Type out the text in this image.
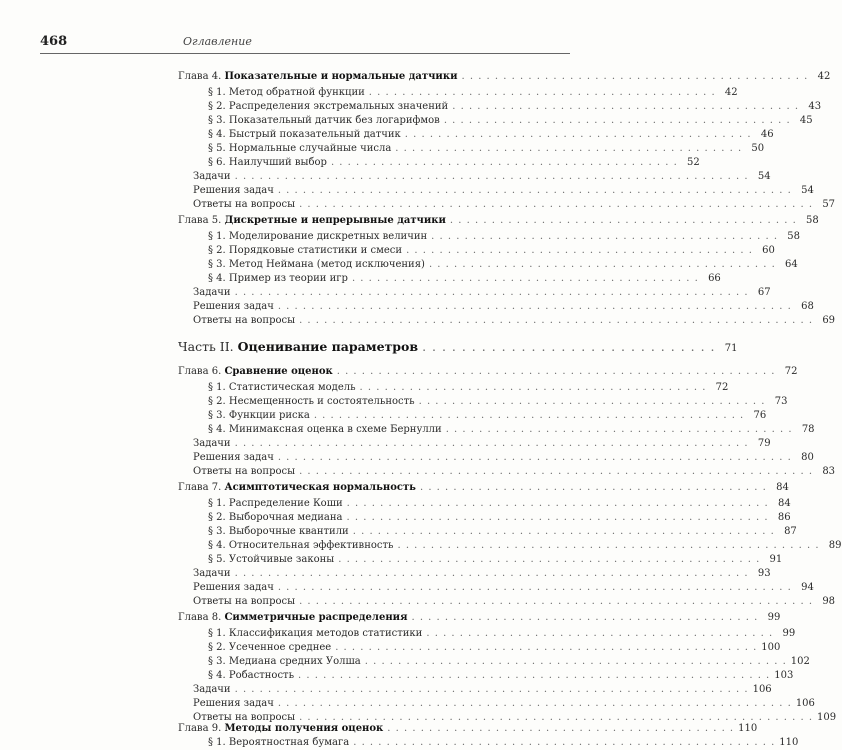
468	Оглавление
Глава 4. Показательные и нормальные датчики . . . . . . . . . . . . . . . . . . . . . . . . . . . . . . . . . . . . . . . . . . 42
§ 1. Метод обратной функции . . . . . . . . . . . . . . . . . . . . . . . . . . . . . . . . . . . . . . . . . . 42
§ 2. Распределения экстремальных значений . . . . . . . . . . . . . . . . . . . . . . . . . . . . . . . . . . . . . . . . . . 43
§ 3. Показательный датчик без логарифмов . . . . . . . . . . . . . . . . . . . . . . . . . . . . . . . . . . . . . . . . . . 45
§ 4. Быстрый показательный датчик . . . . . . . . . . . . . . . . . . . . . . . . . . . . . . . . . . . . . . . . . . 46
§ 5. Нормальные случайные числа . . . . . . . . . . . . . . . . . . . . . . . . . . . . . . . . . . . . . . . . . . 50
§ 6. Наилучший выбор . . . . . . . . . . . . . . . . . . . . . . . . . . . . . . . . . . . . . . . . . . 52
Задачи . . . . . . . . . . . . . . . . . . . . . . . . . . . . . . . . . . . . . . . . . . . . . . . . . . . . . . . . . . . . . . 54
Решения задач . . . . . . . . . . . . . . . . . . . . . . . . . . . . . . . . . . . . . . . . . . . . . . . . . . . . . . . . . . . . . . 54
Ответы на вопросы . . . . . . . . . . . . . . . . . . . . . . . . . . . . . . . . . . . . . . . . . . . . . . . . . . . . . . . . . . . . . . 57
Глава 5. Дискретные и непрерывные датчики . . . . . . . . . . . . . . . . . . . . . . . . . . . . . . . . . . . . . . . . . . 58
§ 1. Моделирование дискретных величин . . . . . . . . . . . . . . . . . . . . . . . . . . . . . . . . . . . . . . . . . . 58
§ 2. Порядковые статистики и смеси . . . . . . . . . . . . . . . . . . . . . . . . . . . . . . . . . . . . . . . . . . 60
§ 3. Метод Неймана (метод исключения) . . . . . . . . . . . . . . . . . . . . . . . . . . . . . . . . . . . . . . . . . . 64
§ 4. Пример из теории игр . . . . . . . . . . . . . . . . . . . . . . . . . . . . . . . . . . . . . . . . . . 66
Задачи . . . . . . . . . . . . . . . . . . . . . . . . . . . . . . . . . . . . . . . . . . . . . . . . . . . . . . . . . . . . . . 67
Решения задач . . . . . . . . . . . . . . . . . . . . . . . . . . . . . . . . . . . . . . . . . . . . . . . . . . . . . . . . . . . . . . 68
Ответы на вопросы . . . . . . . . . . . . . . . . . . . . . . . . . . . . . . . . . . . . . . . . . . . . . . . . . . . . . . . . . . . . . . 69
Часть II. Оценивание параметров . . . . . . . . . . . . . . . . . . . . . . . . . . . . . . 71
Глава 6. Сравнение оценок . . . . . . . . . . . . . . . . . . . . . . . . . . . . . . . . . . . . . . . . . . . . . . . . . . . . . 72
§ 1. Статистическая модель . . . . . . . . . . . . . . . . . . . . . . . . . . . . . . . . . . . . . . . . . . 72
§ 2. Несмещенность и состоятельность . . . . . . . . . . . . . . . . . . . . . . . . . . . . . . . . . . . . . . . . . . 73
§ 3. Функции риска . . . . . . . . . . . . . . . . . . . . . . . . . . . . . . . . . . . . . . . . . . . . . . . . . . . . 76
§ 4. Минимаксная оценка в схеме Бернулли . . . . . . . . . . . . . . . . . . . . . . . . . . . . . . . . . . . . . . . . . . 78
Задачи . . . . . . . . . . . . . . . . . . . . . . . . . . . . . . . . . . . . . . . . . . . . . . . . . . . . . . . . . . . . . . 79
Решения задач . . . . . . . . . . . . . . . . . . . . . . . . . . . . . . . . . . . . . . . . . . . . . . . . . . . . . . . . . . . . . . 80
Ответы на вопросы . . . . . . . . . . . . . . . . . . . . . . . . . . . . . . . . . . . . . . . . . . . . . . . . . . . . . . . . . . . . . . 83
Глава 7. Асимптотическая нормальность . . . . . . . . . . . . . . . . . . . . . . . . . . . . . . . . . . . . . . . . . . 84
§ 1. Распределение Коши . . . . . . . . . . . . . . . . . . . . . . . . . . . . . . . . . . . . . . . . . . . . . . . . . . . 84
§ 2. Выборочная медиана . . . . . . . . . . . . . . . . . . . . . . . . . . . . . . . . . . . . . . . . . . . . . . . . . . . 86
§ 3. Выборочные квантили . . . . . . . . . . . . . . . . . . . . . . . . . . . . . . . . . . . . . . . . . . . . . . . . . . . 87
§ 4. Относительная эффективность . . . . . . . . . . . . . . . . . . . . . . . . . . . . . . . . . . . . . . . . . . . . . . . . . . . 89
§ 5. Устойчивые законы . . . . . . . . . . . . . . . . . . . . . . . . . . . . . . . . . . . . . . . . . . . . . . . . . . . 91
Задачи . . . . . . . . . . . . . . . . . . . . . . . . . . . . . . . . . . . . . . . . . . . . . . . . . . . . . . . . . . . . . . 93
Решения задач . . . . . . . . . . . . . . . . . . . . . . . . . . . . . . . . . . . . . . . . . . . . . . . . . . . . . . . . . . . . . . 94
Ответы на вопросы . . . . . . . . . . . . . . . . . . . . . . . . . . . . . . . . . . . . . . . . . . . . . . . . . . . . . . . . . . . . . . 98
Глава 8. Симметричные распределения . . . . . . . . . . . . . . . . . . . . . . . . . . . . . . . . . . . . . . . . . . 99
§ 1. Классификация методов статистики . . . . . . . . . . . . . . . . . . . . . . . . . . . . . . . . . . . . . . . . . . 99
§ 2. Усеченное среднее . . . . . . . . . . . . . . . . . . . . . . . . . . . . . . . . . . . . . . . . . . . . . . . . . . . 100
§ 3. Медиана средних Уолша . . . . . . . . . . . . . . . . . . . . . . . . . . . . . . . . . . . . . . . . . . . . . . . . . . . 102
§ 4. Робастность . . . . . . . . . . . . . . . . . . . . . . . . . . . . . . . . . . . . . . . . . . . . . . . . . . . . . . . . . 103
Задачи . . . . . . . . . . . . . . . . . . . . . . . . . . . . . . . . . . . . . . . . . . . . . . . . . . . . . . . . . . . . . . 106
Решения задач . . . . . . . . . . . . . . . . . . . . . . . . . . . . . . . . . . . . . . . . . . . . . . . . . . . . . . . . . . . . . . 106
Ответы на вопросы . . . . . . . . . . . . . . . . . . . . . . . . . . . . . . . . . . . . . . . . . . . . . . . . . . . . . . . . . . . . . . 109
Глава 9. Методы получения оценок . . . . . . . . . . . . . . . . . . . . . . . . . . . . . . . . . . . . . . . . . . 110
§ 1. Вероятностная бумага . . . . . . . . . . . . . . . . . . . . . . . . . . . . . . . . . . . . . . . . . . . . . . . . . . . 110
